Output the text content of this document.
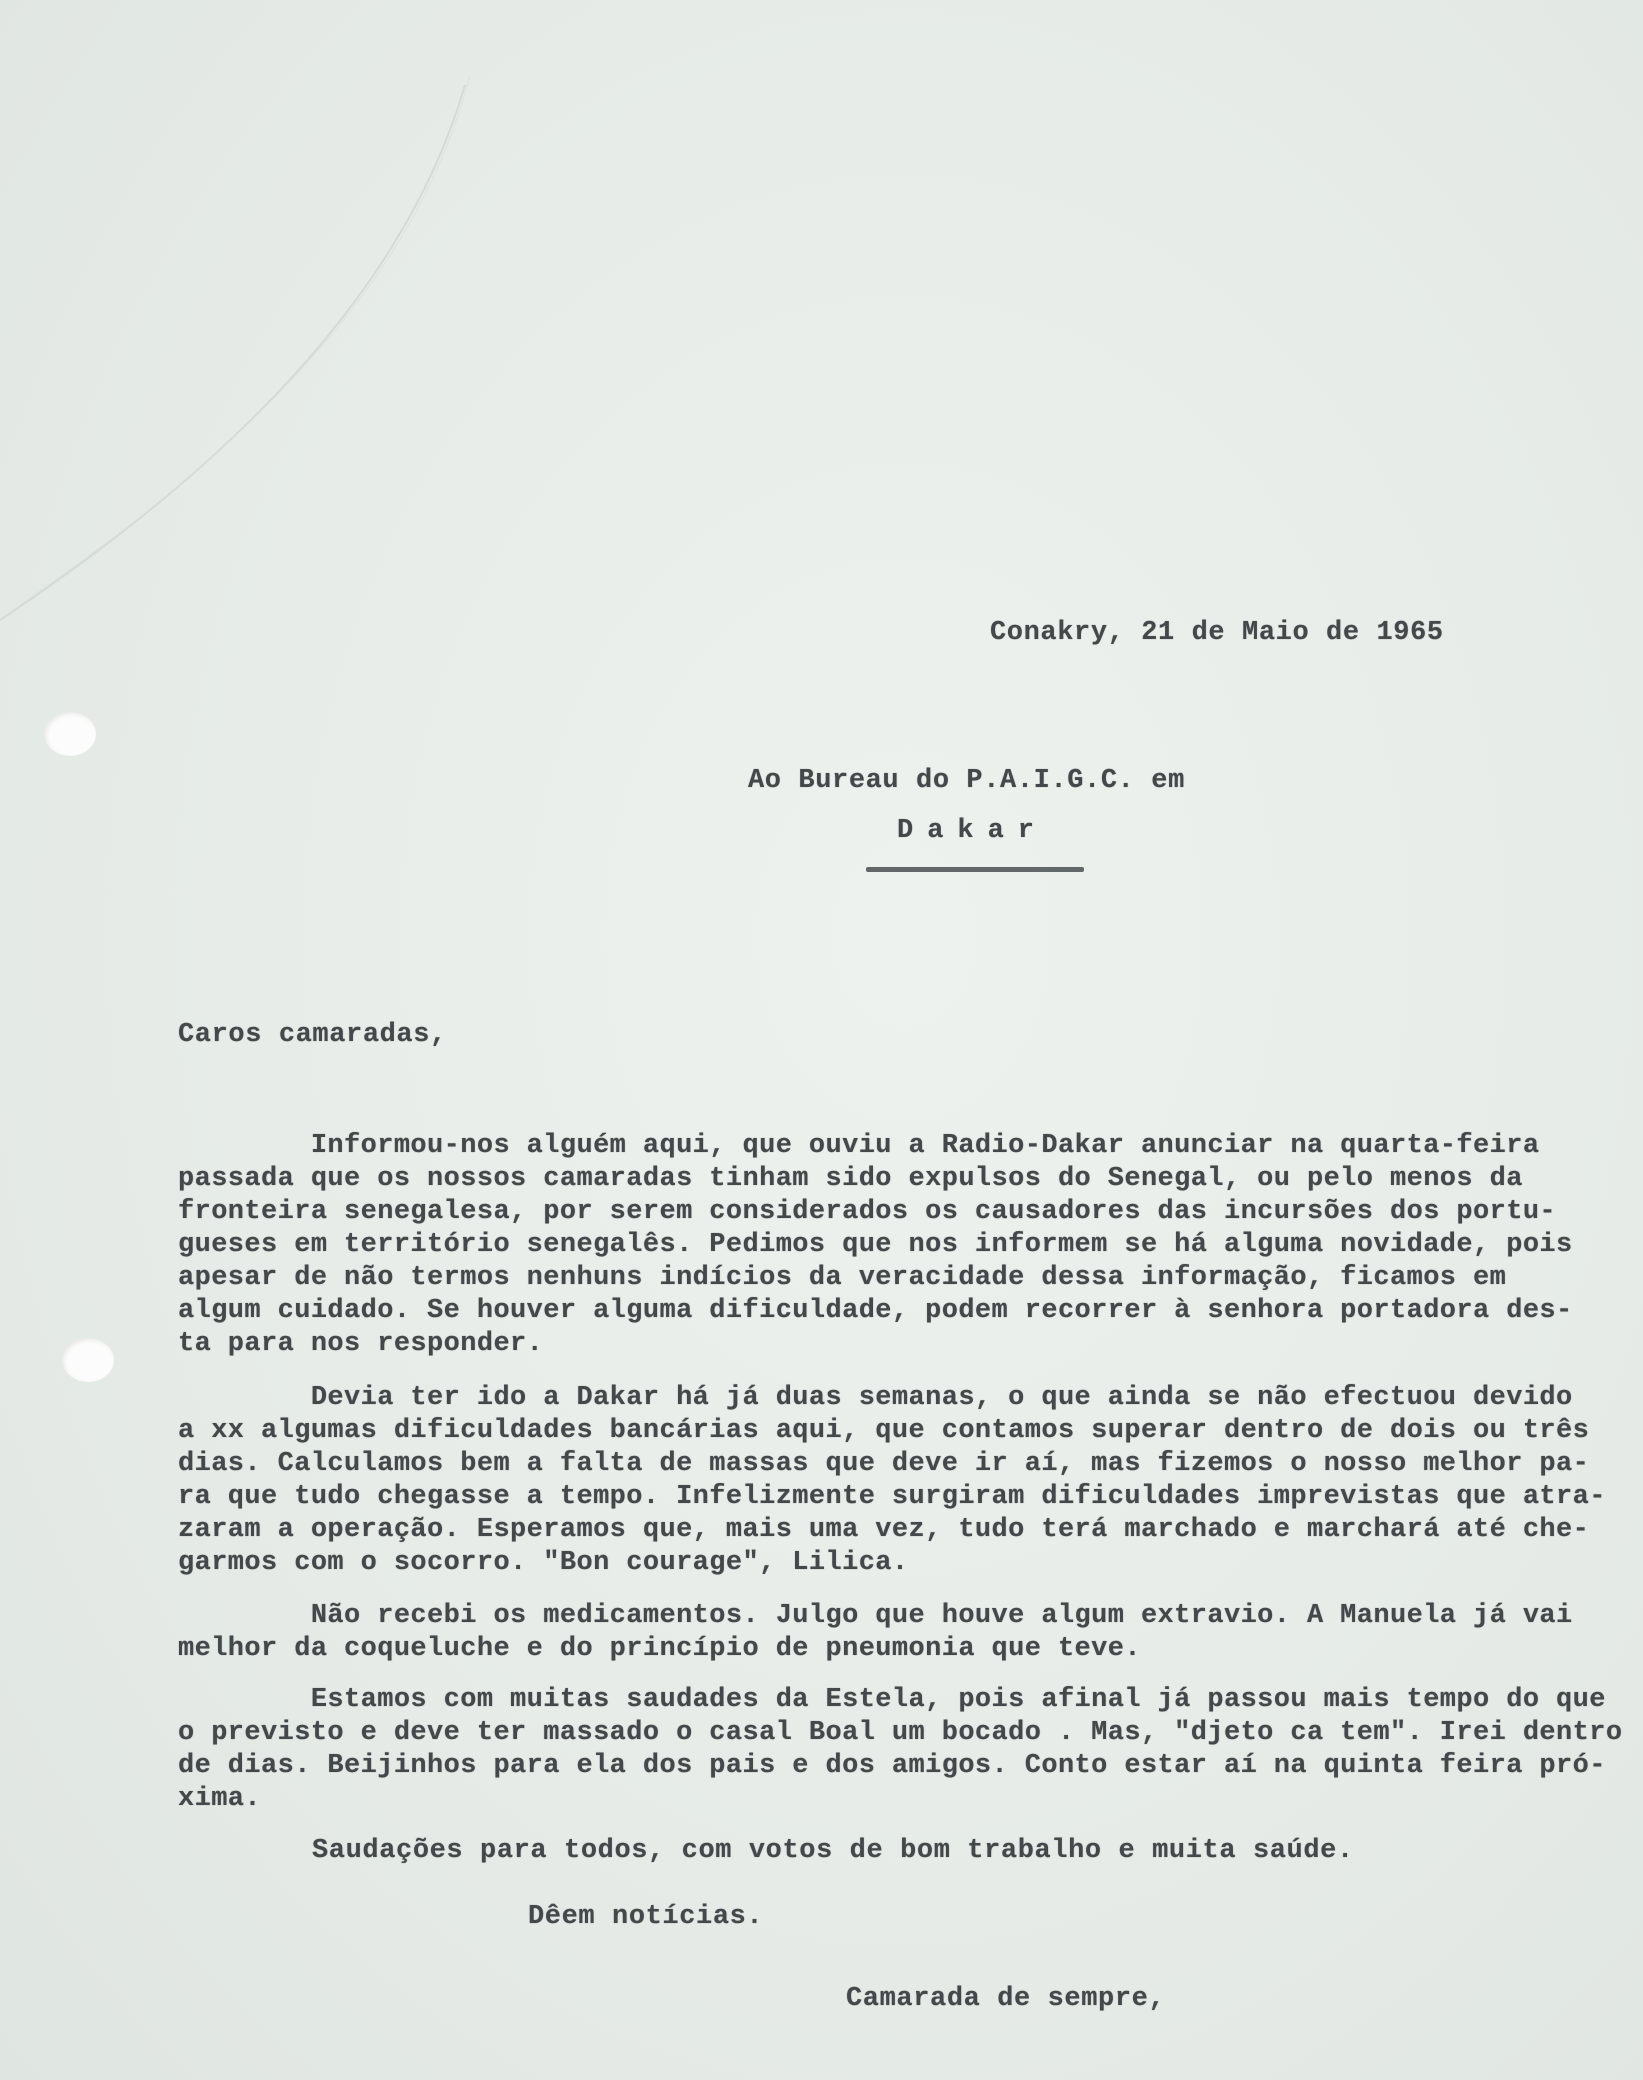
Conakry, 21 de Maio de 1965
Ao Bureau do P.A.I.G.C. em
Dakar
Caros camaradas,
Informou-nos alguém aqui, que ouviu a Radio-Dakar anunciar na quarta-feira
passada que os nossos camaradas tinham sido expulsos do Senegal, ou pelo menos da
fronteira senegalesa, por serem considerados os causadores das incursões dos portu-
gueses em território senegalês. Pedimos que nos informem se há alguma novidade, pois
apesar de não termos nenhuns indícios da veracidade dessa informação, ficamos em
algum cuidado. Se houver alguma dificuldade, podem recorrer à senhora portadora des-
ta para nos responder.
Devia ter ido a Dakar há já duas semanas, o que ainda se não efectuou devido
a xx algumas dificuldades bancárias aqui, que contamos superar dentro de dois ou três
dias. Calculamos bem a falta de massas que deve ir aí, mas fizemos o nosso melhor pa-
ra que tudo chegasse a tempo. Infelizmente surgiram dificuldades imprevistas que atra-
zaram a operação. Esperamos que, mais uma vez, tudo terá marchado e marchará até che-
garmos com o socorro. "Bon courage", Lilica.
Não recebi os medicamentos. Julgo que houve algum extravio. A Manuela já vai
melhor da coqueluche e do princípio de pneumonia que teve.
Estamos com muitas saudades da Estela, pois afinal já passou mais tempo do que
o previsto e deve ter massado o casal Boal um bocado . Mas, "djeto ca tem". Irei dentro
de dias. Beijinhos para ela dos pais e dos amigos. Conto estar aí na quinta feira pró-
xima.
Saudações para todos, com votos de bom trabalho e muita saúde.
Dêem notícias.
Camarada de sempre,
